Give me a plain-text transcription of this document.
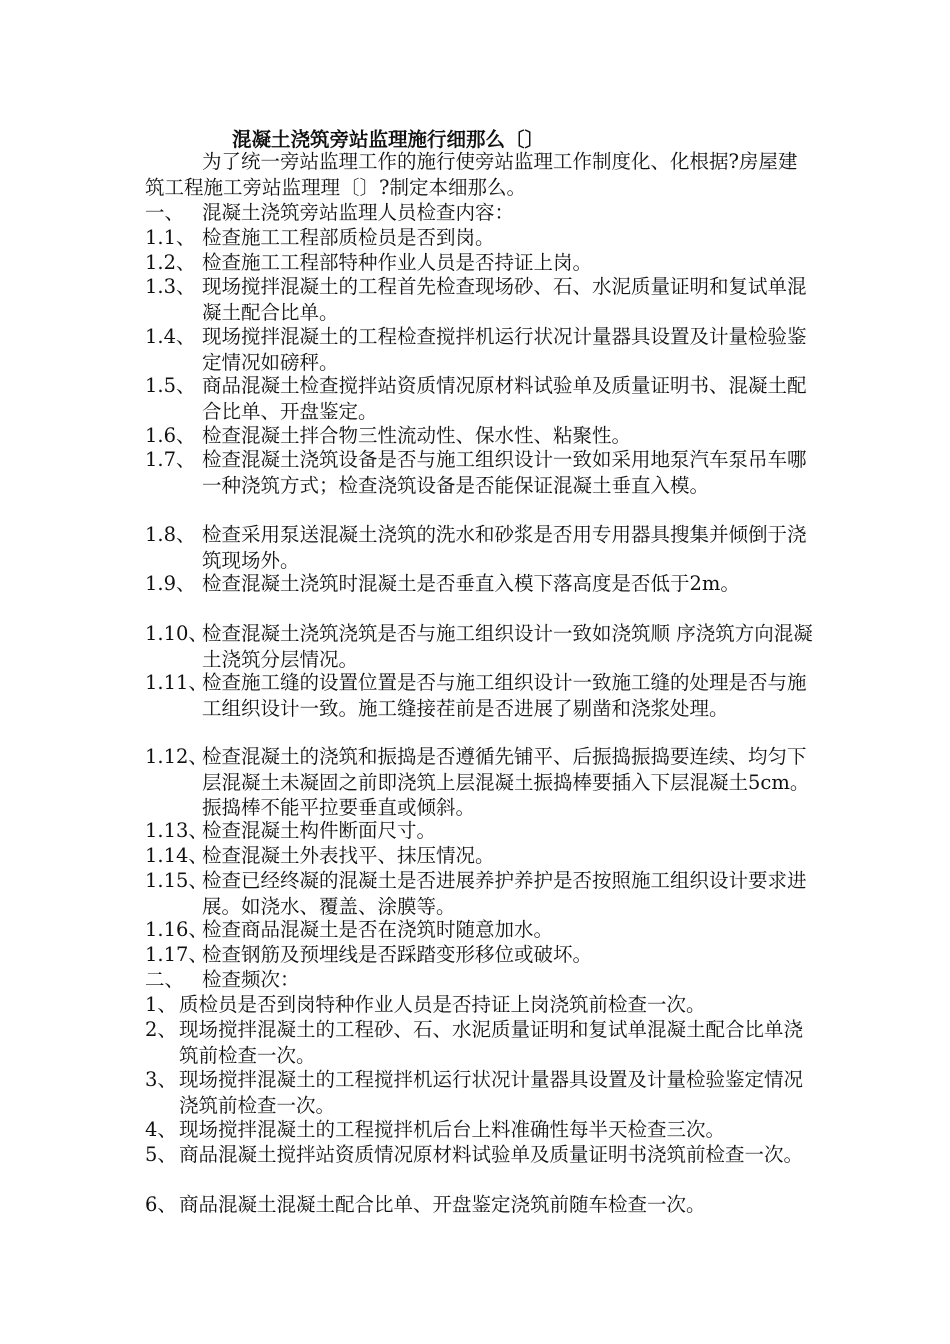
混凝土浇筑旁站监理施行细那么〔〕
为了统一旁站监理工作的施行使旁站监理工作制度化、化根据?房屋建筑工程施工旁站监理理〔〕?制定本细那么。
一、 混凝土浇筑旁站监理人员检查内容：
1.1、 检查施工工程部质检员是否到岗。
1.2、 检查施工工程部特种作业人员是否持证上岗。
1.3、 现场搅拌混凝土的工程首先检查现场砂、石、水泥质量证明和复试单混凝土配合比单。
1.4、 现场搅拌混凝土的工程检查搅拌机运行状况计量器具设置及计量检验鉴定情况如磅秤。
1.5、 商品混凝土检查搅拌站资质情况原材料试验单及质量证明书、混凝土配合比单、开盘鉴定。
1.6、 检查混凝土拌合物三性流动性、保水性、粘聚性。
1.7、 检查混凝土浇筑设备是否与施工组织设计一致如采用地泵汽车泵吊车哪一种浇筑方式；检查浇筑设备是否能保证混凝土垂直入模。
1.8、 检查采用泵送混凝土浇筑的洗水和砂浆是否用专用器具搜集并倾倒于浇筑现场外。
1.9、 检查混凝土浇筑时混凝土是否垂直入模下落高度是否低于2m。
1.10、
检查混凝土浇筑浇筑是否与施工组织设计一致如浇筑顺 序浇筑方向混凝土浇筑分层情况。
1.11、
检查施工缝的设置位置是否与施工组织设计一致施工缝的处理是否与施工组织设计一致。施工缝接茬前是否进展了剔凿和浇浆处理。
1.12、
检查混凝土的浇筑和振捣是否遵循先铺平、后振捣振捣要连续、均匀下层混凝土未凝固之前即浇筑上层混凝土振捣棒要插入下层混凝土5cm。振捣棒不能平拉要垂直或倾斜。
1.13、
检查混凝土构件断面尺寸。
1.14、
检查混凝土外表找平、抹压情况。
1.15、
检查已经终凝的混凝土是否进展养护养护是否按照施工组织设计要求进展。如浇水、覆盖、涂膜等。
1.16、
检查商品混凝土是否在浇筑时随意加水。
1.17、
检查钢筋及预埋线是否踩踏变形移位或破坏。
二、 检查频次：
1、 质检员是否到岗特种作业人员是否持证上岗浇筑前检查一次。
2、 现场搅拌混凝土的工程砂、石、水泥质量证明和复试单混凝土配合比单浇筑前检查一次。
3、 现场搅拌混凝土的工程搅拌机运行状况计量器具设置及计量检验鉴定情况浇筑前检查一次。
4、 现场搅拌混凝土的工程搅拌机后台上料准确性每半天检查三次。
5、 商品混凝土搅拌站资质情况原材料试验单及质量证明书浇筑前检查一次。
6、 商品混凝土混凝土配合比单、开盘鉴定浇筑前随车检查一次。
